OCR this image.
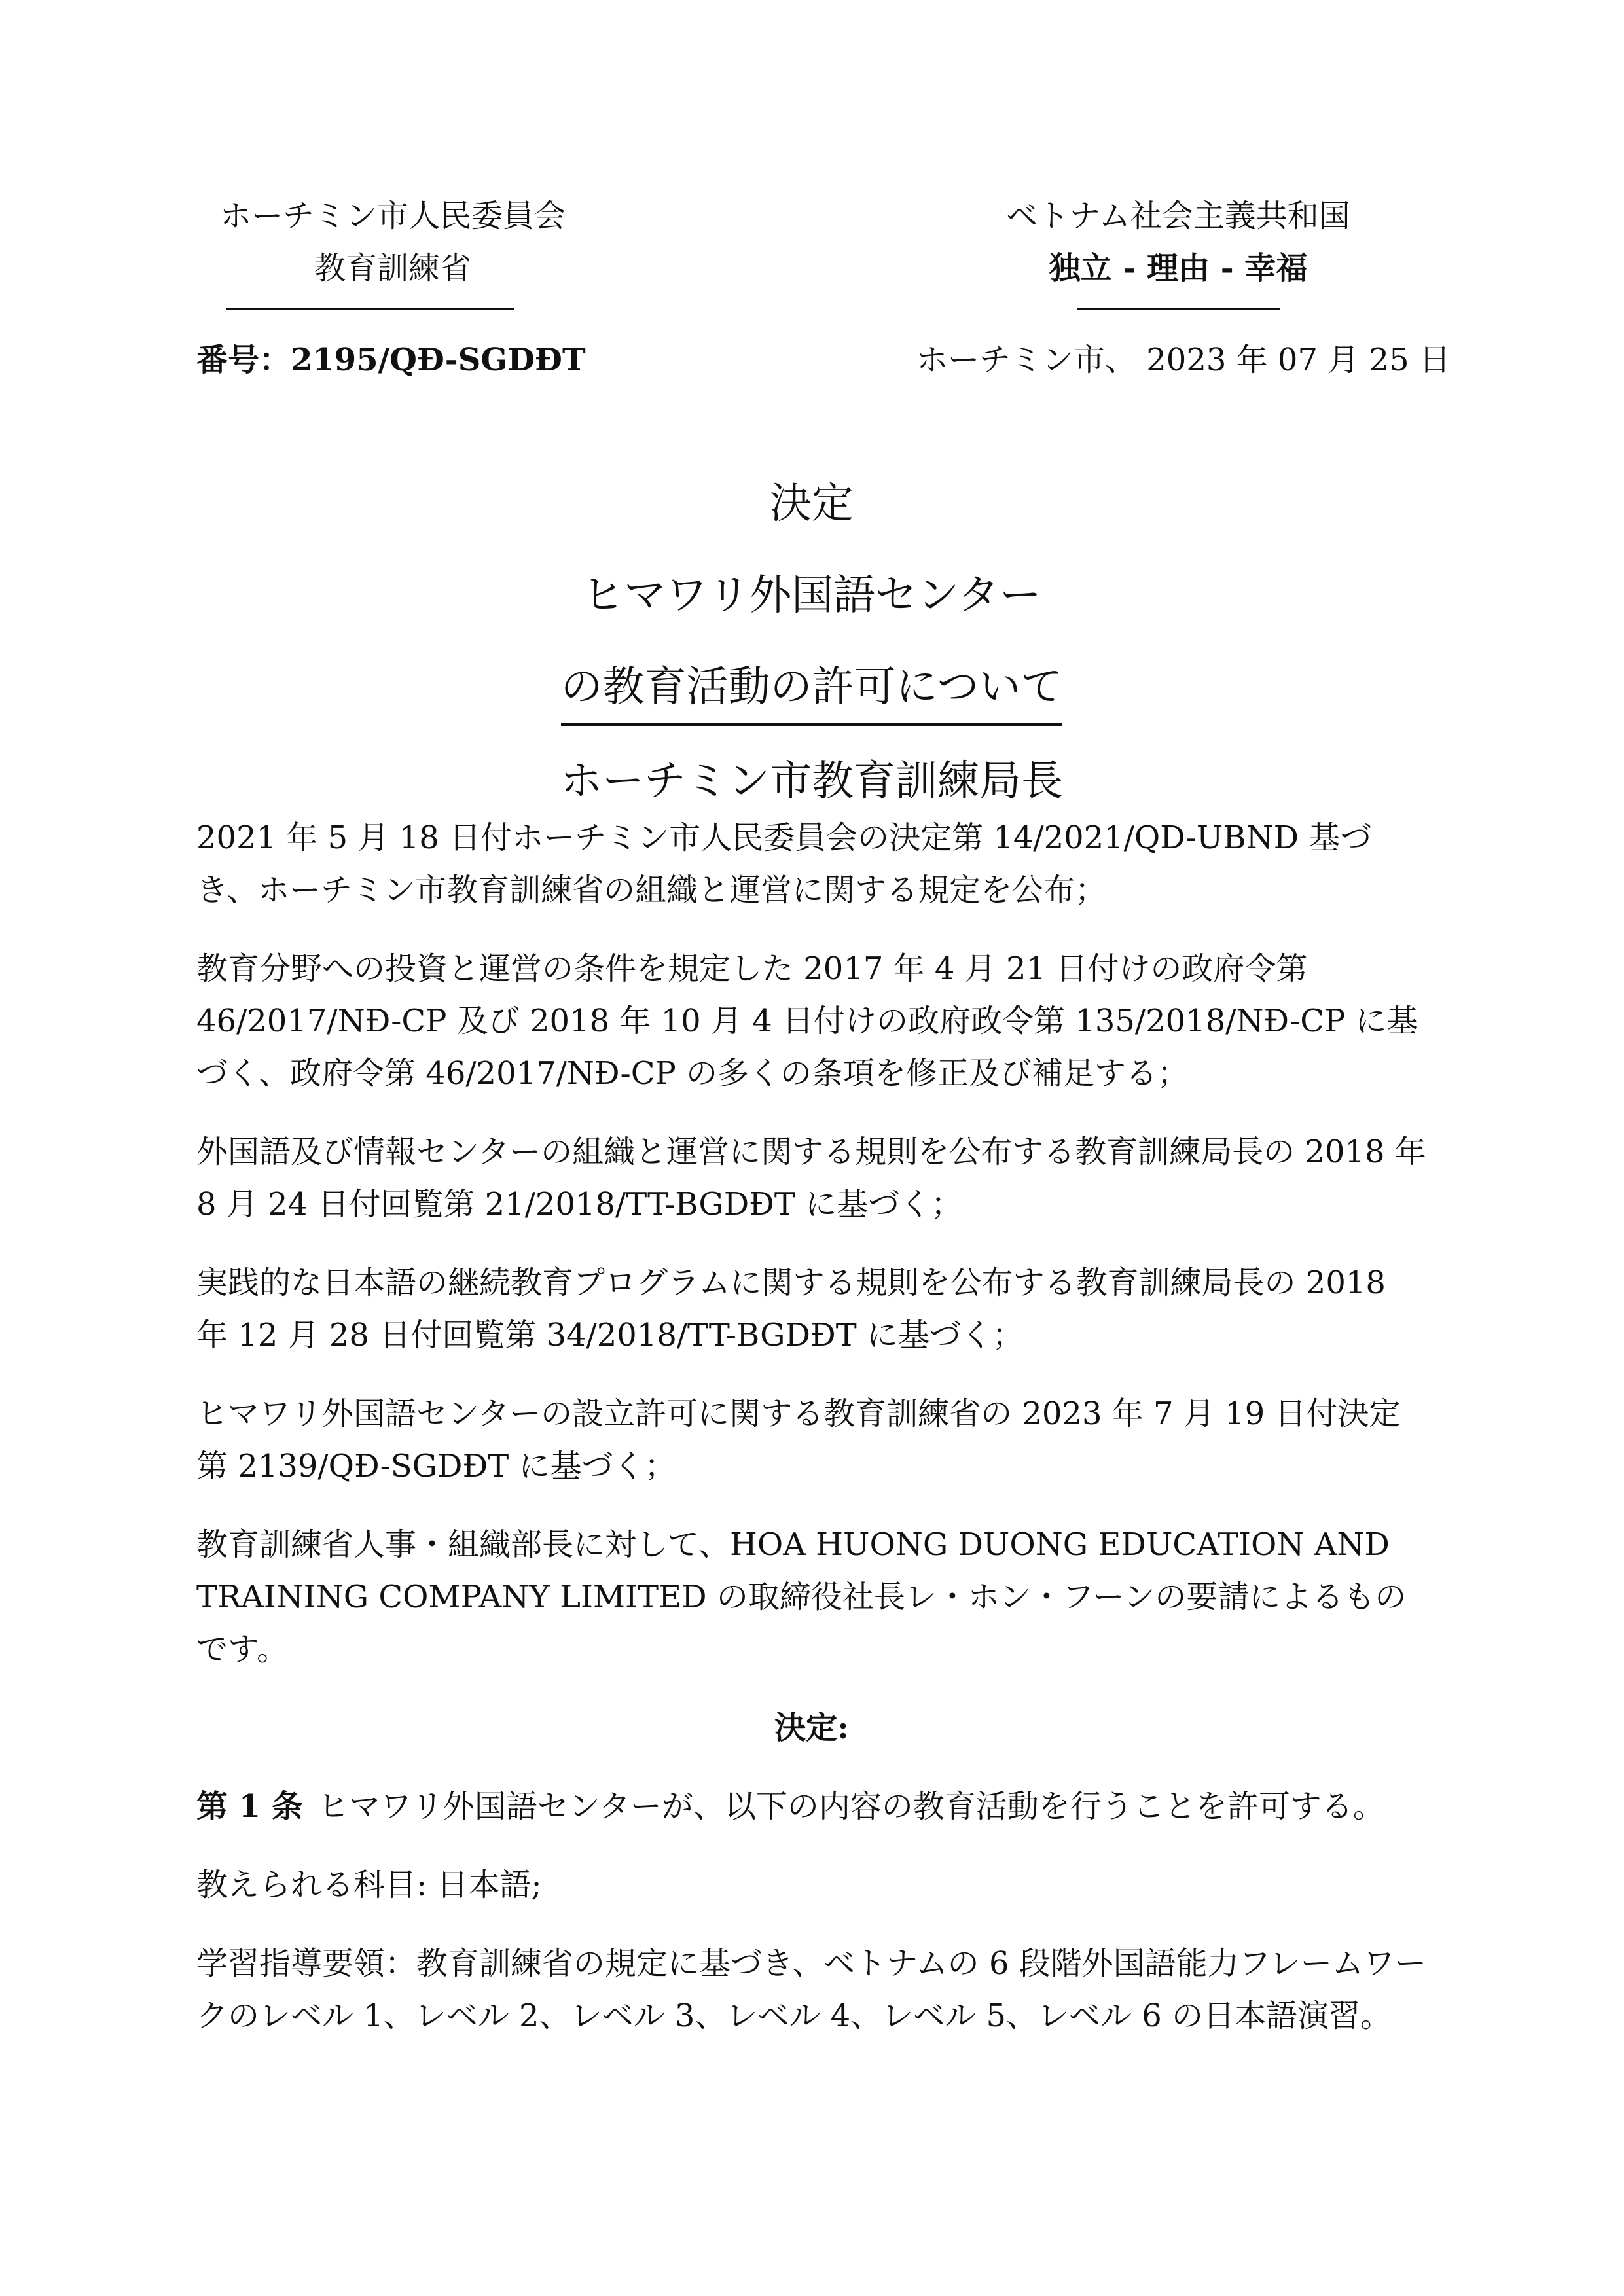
ホーチミン市人民委員会
教育訓練省
ベトナム社会主義共和国
独立 - 理由 - 幸福
番号：2195/QĐ-SGDĐT	ホーチミン市、 2023 年 07 月 25 日
決定
ヒマワリ外国語センター
の教育活動の許可について
ホーチミン市教育訓練局長

2021 年 5 月 18 日付ホーチミン市人民委員会の決定第 14/2021/QD-UBND 基づき、ホーチミン市教育訓練省の組織と運営に関する規定を公布；

教育分野への投資と運営の条件を規定した 2017 年 4 月 21 日付けの政府令第 46/2017/NĐ-CP 及び 2018 年 10 月 4 日付けの政府政令第 135/2018/NĐ-CP に基づく、政府令第 46/2017/NĐ-CP の多くの条項を修正及び補足する；

外国語及び情報センターの組織と運営に関する規則を公布する教育訓練局長の 2018 年 8 月 24 日付回覧第 21/2018/TT-BGDĐT に基づく；

実践的な日本語の継続教育プログラムに関する規則を公布する教育訓練局長の 2018 年 12 月 28 日付回覧第 34/2018/TT-BGDĐT に基づく；

ヒマワリ外国語センターの設立許可に関する教育訓練省の 2023 年 7 月 19 日付決定第 2139/QĐ-SGDĐT に基づく；

教育訓練省人事・組織部長に対して、HOA HUONG DUONG EDUCATION AND TRAINING COMPANY LIMITED の取締役社長レ・ホン・フーンの要請によるものです。

決定:

第 1 条 ヒマワリ外国語センターが、以下の内容の教育活動を行うことを許可する。

教えられる科目: 日本語;

学習指導要領：教育訓練省の規定に基づき、ベトナムの 6 段階外国語能力フレームワークのレベル 1、レベル 2、レベル 3、レベル 4、レベル 5、レベル 6 の日本語演習。
